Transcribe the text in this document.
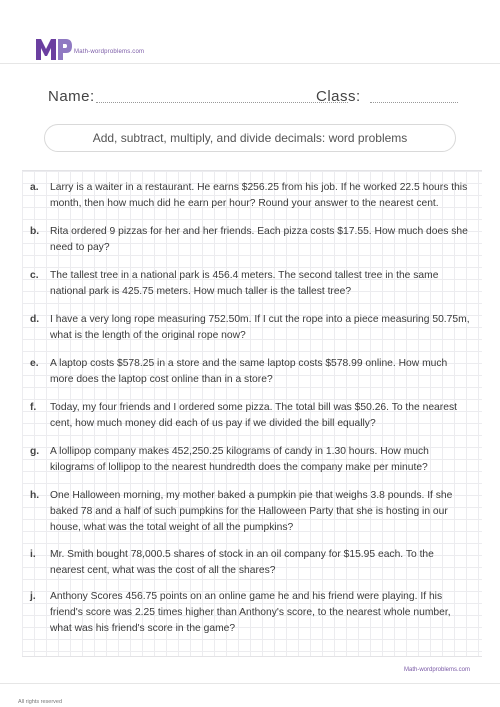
Math-wordproblems.com
Name:	Class:
Add, subtract, multiply, and divide decimals: word problems
a. Larry is a waiter in a restaurant. He earns $256.25 from his job. If he worked 22.5 hours this month, then how much did he earn per hour? Round your answer to the nearest cent.
b. Rita ordered 9 pizzas for her and her friends. Each pizza costs $17.55. How much does she need to pay?
c. The tallest tree in a national park is 456.4 meters. The second tallest tree in the same national park is 425.75 meters. How much taller is the tallest tree?
d. I have a very long rope measuring 752.50m. If I cut the rope into a piece measuring 50.75m, what is the length of the original rope now?
e. A laptop costs $578.25 in a store and the same laptop costs $578.99 online. How much more does the laptop cost online than in a store?
f. Today, my four friends and I ordered some pizza. The total bill was $50.26. To the nearest cent, how much money did each of us pay if we divided the bill equally?
g. A lollipop company makes 452,250.25 kilograms of candy in 1.30 hours. How much kilograms of lollipop to the nearest hundredth does the company make per minute?
h. One Halloween morning, my mother baked a pumpkin pie that weighs 3.8 pounds. If she baked 78 and a half of such pumpkins for the Halloween Party that she is hosting in our house, what was the total weight of all the pumpkins?
i. Mr. Smith bought 78,000.5 shares of stock in an oil company for $15.95 each. To the nearest cent, what was the cost of all the shares?
j. Anthony Scores 456.75 points on an online game he and his friend were playing. If his friend's score was 2.25 times higher than Anthony's score, to the nearest whole number, what was his friend's score in the game?
Math-wordproblems.com
All rights reserved
